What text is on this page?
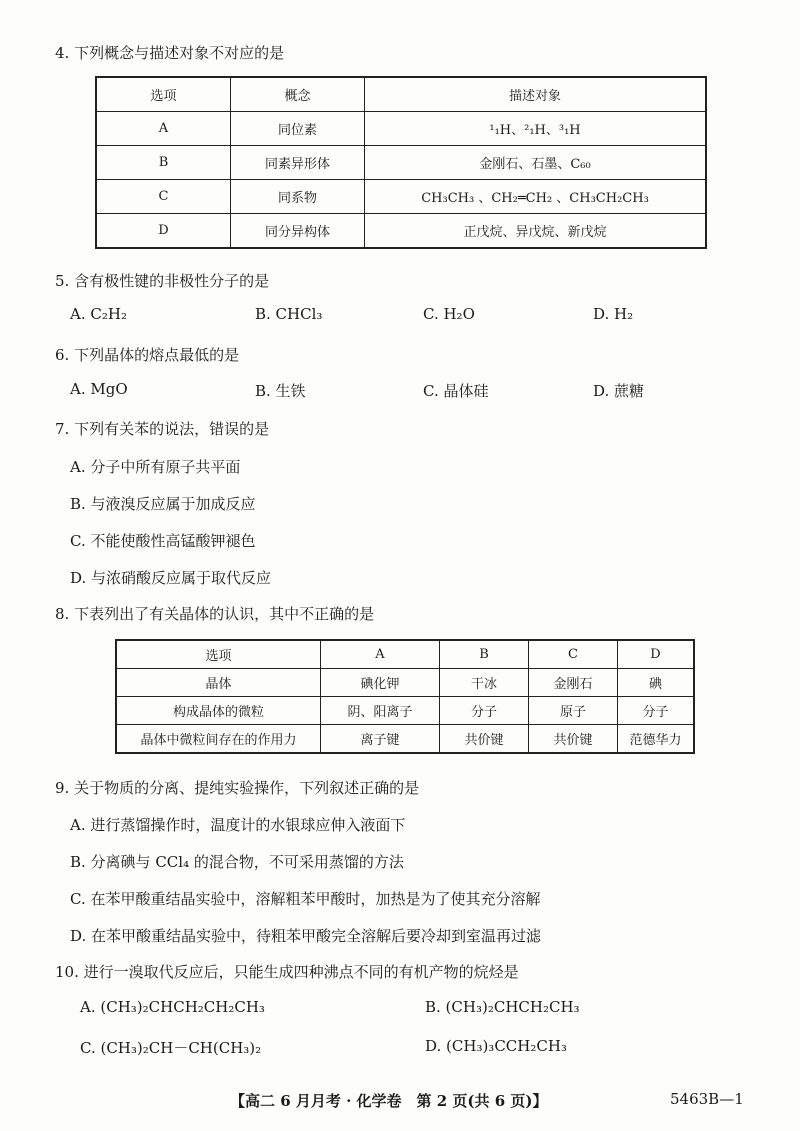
4. 下列概念与描述对象不对应的是
选项	概念	描述对象
A	同位素	¹₁H、²₁H、³₁H
B	同素异形体	金刚石、石墨、C₆₀
C	同系物	CH₃CH₃ 、CH₂═CH₂ 、CH₃CH₂CH₃
D	同分异构体	正戊烷、异戊烷、新戊烷
5. 含有极性键的非极性分子的是
A. C₂H₂	B. CHCl₃	C. H₂O	D. H₂
6. 下列晶体的熔点最低的是
A. MgO	B. 生铁	C. 晶体硅	D. 蔗糖
7. 下列有关苯的说法，错误的是
A. 分子中所有原子共平面
B. 与液溴反应属于加成反应
C. 不能使酸性高锰酸钾褪色
D. 与浓硝酸反应属于取代反应
8. 下表列出了有关晶体的认识，其中不正确的是
选项	A	B	C	D
晶体	碘化钾	干冰	金刚石	碘
构成晶体的微粒	阴、阳离子	分子	原子	分子
晶体中微粒间存在的作用力	离子键	共价键	共价键	范德华力
9. 关于物质的分离、提纯实验操作，下列叙述正确的是
A. 进行蒸馏操作时，温度计的水银球应伸入液面下
B. 分离碘与 CCl₄ 的混合物，不可采用蒸馏的方法
C. 在苯甲酸重结晶实验中，溶解粗苯甲酸时，加热是为了使其充分溶解
D. 在苯甲酸重结晶实验中，待粗苯甲酸完全溶解后要冷却到室温再过滤
10. 进行一溴取代反应后，只能生成四种沸点不同的有机产物的烷烃是
A. (CH₃)₂CHCH₂CH₂CH₃	B. (CH₃)₂CHCH₂CH₃
C. (CH₃)₂CH－CH(CH₃)₂	D. (CH₃)₃CCH₂CH₃
【高二 6 月月考 · 化学卷　第 2 页(共 6 页)】	5463B—1
